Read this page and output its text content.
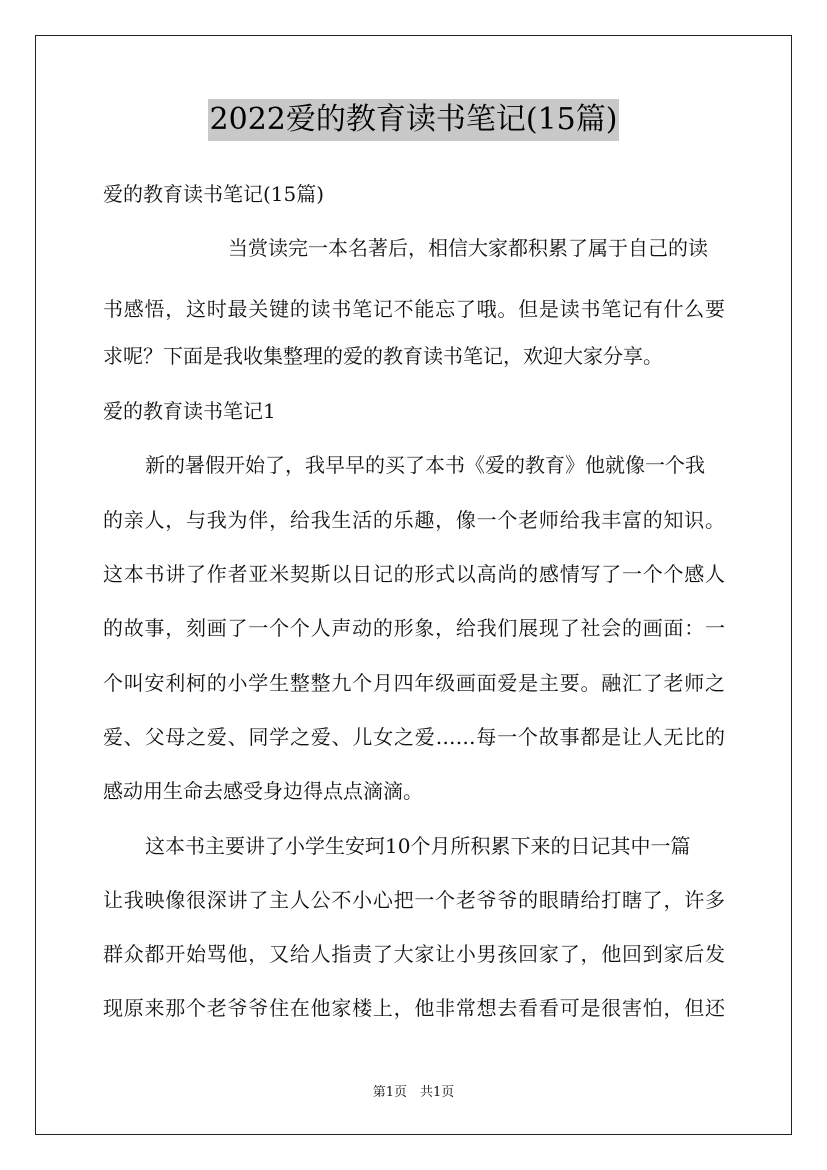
2022爱的教育读书笔记(15篇)
爱的教育读书笔记(15篇)
当赏读完一本名著后，相信大家都积累了属于自己的读
书感悟，这时最关键的读书笔记不能忘了哦。但是读书笔记有什么要
求呢？下面是我收集整理的爱的教育读书笔记，欢迎大家分享。
爱的教育读书笔记1
新的暑假开始了，我早早的买了本书《爱的教育》他就像一个我
的亲人，与我为伴，给我生活的乐趣，像一个老师给我丰富的知识。
这本书讲了作者亚米契斯以日记的形式以高尚的感情写了一个个感人
的故事，刻画了一个个人声动的形象，给我们展现了社会的画面：一
个叫安利柯的小学生整整九个月四年级画面爱是主要。融汇了老师之
爱、父母之爱、同学之爱、儿女之爱……每一个故事都是让人无比的
感动用生命去感受身边得点点滴滴。
这本书主要讲了小学生安珂10个月所积累下来的日记其中一篇
让我映像很深讲了主人公不小心把一个老爷爷的眼睛给打瞎了，许多
群众都开始骂他，又给人指责了大家让小男孩回家了，他回到家后发
现原来那个老爷爷住在他家楼上，他非常想去看看可是很害怕，但还
第1页　共1页
